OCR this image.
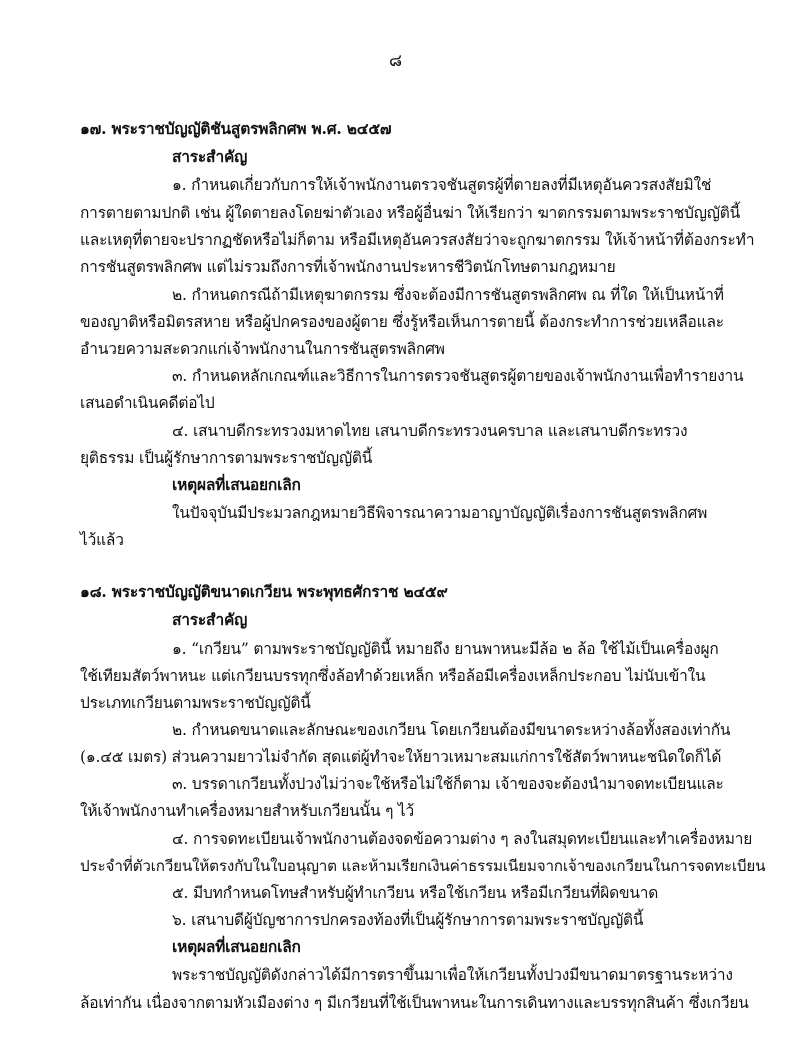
๘
๑๗. พระราชบัญญัติชันสูตรพลิกศพ พ.ศ. ๒๔๕๗
สาระสำคัญ
๑. กำหนดเกี่ยวกับการให้เจ้าพนักงานตรวจชันสูตรผู้ที่ตายลงที่มีเหตุอันควรสงสัยมิใช่
การตายตามปกติ เช่น ผู้ใดตายลงโดยฆ่าตัวเอง หรือผู้อื่นฆ่า ให้เรียกว่า ฆาตกรรมตามพระราชบัญญัตินี้
และเหตุที่ตายจะปรากฏชัดหรือไม่ก็ตาม หรือมีเหตุอันควรสงสัยว่าจะถูกฆาตกรรม ให้เจ้าหน้าที่ต้องกระทำ
การชันสูตรพลิกศพ แต่ไม่รวมถึงการที่เจ้าพนักงานประหารชีวิตนักโทษตามกฎหมาย
๒. กำหนดกรณีถ้ามีเหตุฆาตกรรม ซึ่งจะต้องมีการชันสูตรพลิกศพ ณ ที่ใด ให้เป็นหน้าที่
ของญาติหรือมิตรสหาย หรือผู้ปกครองของผู้ตาย ซึ่งรู้หรือเห็นการตายนี้ ต้องกระทำการช่วยเหลือและ
อำนวยความสะดวกแก่เจ้าพนักงานในการชันสูตรพลิกศพ
๓. กำหนดหลักเกณฑ์และวิธีการในการตรวจชันสูตรผู้ตายของเจ้าพนักงานเพื่อทำรายงาน
เสนอดำเนินคดีต่อไป
๔. เสนาบดีกระทรวงมหาดไทย เสนาบดีกระทรวงนครบาล และเสนาบดีกระทรวง
ยุติธรรม เป็นผู้รักษาการตามพระราชบัญญัตินี้
เหตุผลที่เสนอยกเลิก
ในปัจจุบันมีประมวลกฎหมายวิธีพิจารณาความอาญาบัญญัติเรื่องการชันสูตรพลิกศพ
ไว้แล้ว
๑๘. พระราชบัญญัติขนาดเกวียน พระพุทธศักราช ๒๔๕๙
สาระสำคัญ
๑. “เกวียน” ตามพระราชบัญญัตินี้ หมายถึง ยานพาหนะมีล้อ ๒ ล้อ ใช้ไม้เป็นเครื่องผูก
ใช้เทียมสัตว์พาหนะ แต่เกวียนบรรทุกซึ่งล้อทำด้วยเหล็ก หรือล้อมีเครื่องเหล็กประกอบ ไม่นับเข้าใน
ประเภทเกวียนตามพระราชบัญญัตินี้
๒. กำหนดขนาดและลักษณะของเกวียน โดยเกวียนต้องมีขนาดระหว่างล้อทั้งสองเท่ากัน
(๑.๔๕ เมตร) ส่วนความยาวไม่จำกัด สุดแต่ผู้ทำจะให้ยาวเหมาะสมแก่การใช้สัตว์พาหนะชนิดใดก็ได้
๓. บรรดาเกวียนทั้งปวงไม่ว่าจะใช้หรือไม่ใช้ก็ตาม เจ้าของจะต้องนำมาจดทะเบียนและ
ให้เจ้าพนักงานทำเครื่องหมายสำหรับเกวียนนั้น ๆ ไว้
๔. การจดทะเบียนเจ้าพนักงานต้องจดข้อความต่าง ๆ ลงในสมุดทะเบียนและทำเครื่องหมาย
ประจำที่ตัวเกวียนให้ตรงกับในใบอนุญาต และห้ามเรียกเงินค่าธรรมเนียมจากเจ้าของเกวียนในการจดทะเบียน
๕. มีบทกำหนดโทษสำหรับผู้ทำเกวียน หรือใช้เกวียน หรือมีเกวียนที่ผิดขนาด
๖. เสนาบดีผู้บัญชาการปกครองท้องที่เป็นผู้รักษาการตามพระราชบัญญัตินี้
เหตุผลที่เสนอยกเลิก
พระราชบัญญัติดังกล่าวได้มีการตราขึ้นมาเพื่อให้เกวียนทั้งปวงมีขนาดมาตรฐานระหว่าง
ล้อเท่ากัน เนื่องจากตามหัวเมืองต่าง ๆ มีเกวียนที่ใช้เป็นพาหนะในการเดินทางและบรรทุกสินค้า ซึ่งเกวียน
